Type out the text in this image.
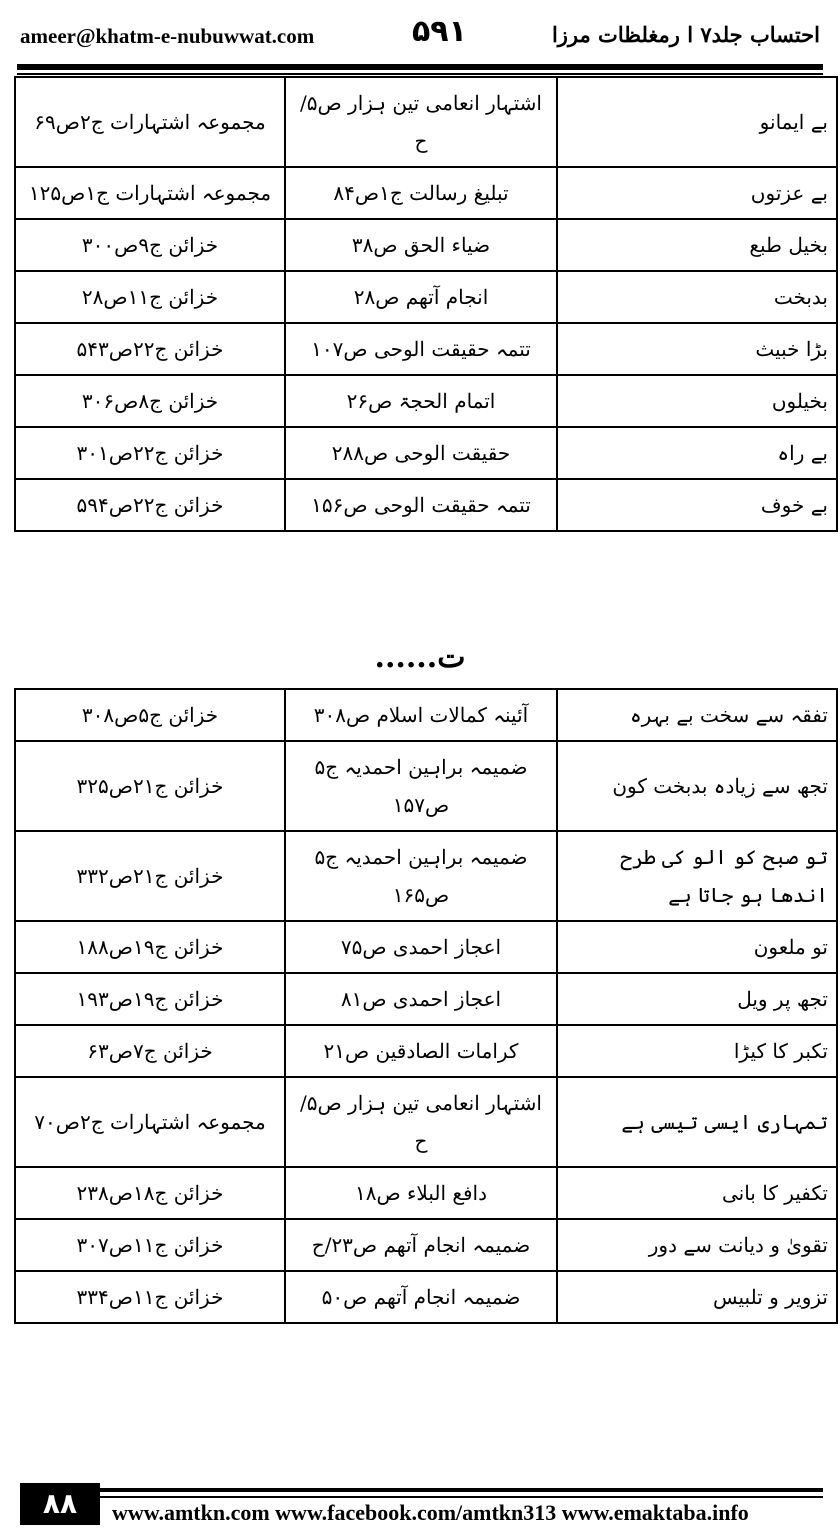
ameer@khatm-e-nubuwwat.com	۵۹۱	احتساب جلد۷ ا رمغلظات مرزا
بے ایمانو	اشتہار انعامی تین ہزار ص۵/ح	مجموعہ اشتہارات ج۲ص۶۹
بے عزتوں	تبلیغ رسالت ج۱ص۸۴	مجموعہ اشتہارات ج۱ص۱۲۵
بخیل طبع	ضیاء الحق ص۳۸	خزائن ج۹ص۳۰۰
بدبخت	انجام آتھم ص۲۸	خزائن ج۱۱ص۲۸
بڑا خبیث	تتمہ حقیقت الوحی ص۱۰۷	خزائن ج۲۲ص۵۴۳
بخیلوں	اتمام الحجۃ ص۲۶	خزائن ج۸ص۳۰۶
بے راہ	حقیقت الوحی ص۲۸۸	خزائن ج۲۲ص۳۰۱
بے خوف	تتمہ حقیقت الوحی ص۱۵۶	خزائن ج۲۲ص۵۹۴
ت......
تفقہ سے سخت بے بہرہ	آئینہ کمالات اسلام ص۳۰۸	خزائن ج۵ص۳۰۸
تجھ سے زیادہ بدبخت کون	ضمیمہ براہین احمدیہ ج۵ ص۱۵۷	خزائن ج۲۱ص۳۲۵
تو صبح کو الو کی طرح اندھا ہو جاتا ہے	ضمیمہ براہین احمدیہ ج۵ ص۱۶۵	خزائن ج۲۱ص۳۳۲
تو ملعون	اعجاز احمدی ص۷۵	خزائن ج۱۹ص۱۸۸
تجھ پر ویل	اعجاز احمدی ص۸۱	خزائن ج۱۹ص۱۹۳
تکبر کا کیڑا	کرامات الصادقین ص۲۱	خزائن ج۷ص۶۳
تمہاری ایسی تیسی ہے	اشتہار انعامی تین ہزار ص۵/ح	مجموعہ اشتہارات ج۲ص۷۰
تکفیر کا بانی	دافع البلاء ص۱۸	خزائن ج۱۸ص۲۳۸
تقویٰ و دیانت سے دور	ضمیمہ انجام آتھم ص۲۳/ح	خزائن ج۱۱ص۳۰۷
تزویر و تلبیس	ضمیمہ انجام آتھم ص۵۰	خزائن ج۱۱ص۳۳۴
۸۸	www.amtkn.com www.facebook.com/amtkn313 www.emaktaba.info
